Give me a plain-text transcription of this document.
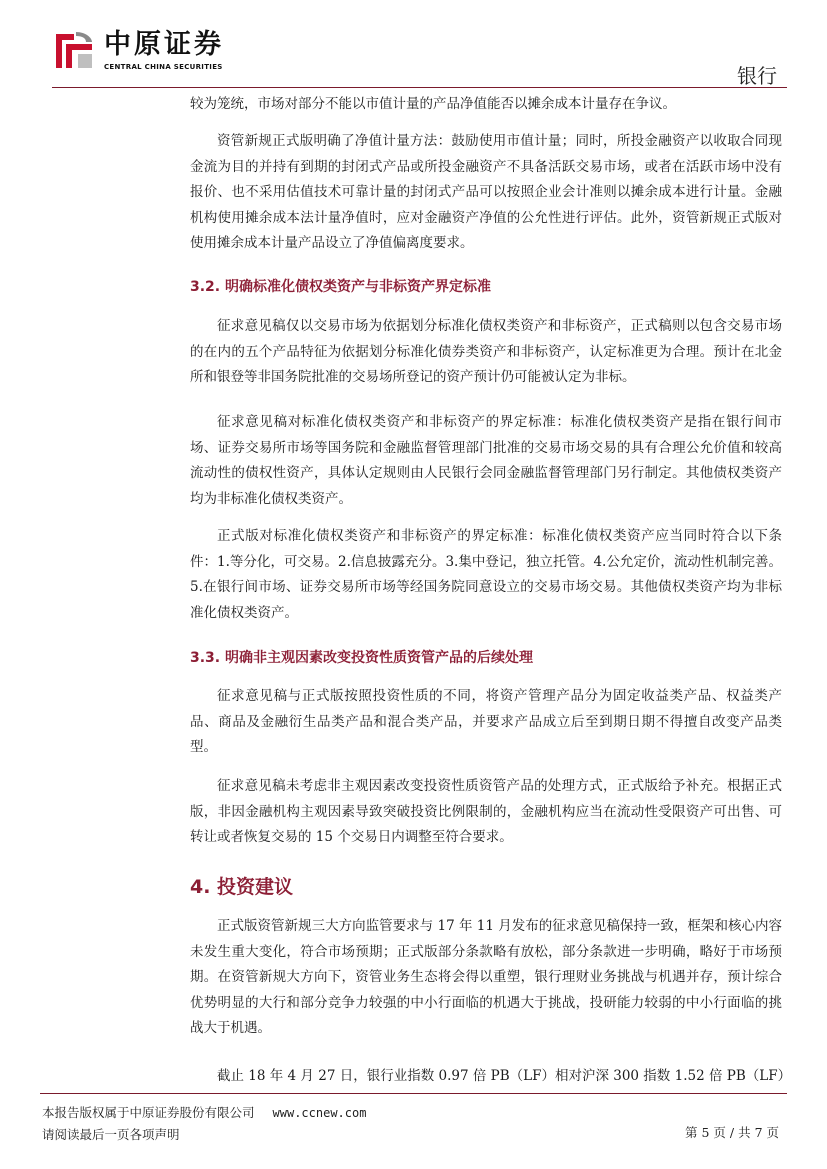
中原证券
CENTRAL CHINA SECURITIES	银行

较为笼统，市场对部分不能以市值计量的产品净值能否以摊余成本计量存在争议。

资管新规正式版明确了净值计量方法：鼓励使用市值计量；同时，所投金融资产以收取合同现金流为目的并持有到期的封闭式产品或所投金融资产不具备活跃交易市场，或者在活跃市场中没有报价、也不采用估值技术可靠计量的封闭式产品可以按照企业会计准则以摊余成本进行计量。金融机构使用摊余成本法计量净值时，应对金融资产净值的公允性进行评估。此外，资管新规正式版对使用摊余成本计量产品设立了净值偏离度要求。

3.2. 明确标准化债权类资产与非标资产界定标准

征求意见稿仅以交易市场为依据划分标准化债权类资产和非标资产，正式稿则以包含交易市场的在内的五个产品特征为依据划分标准化债券类资产和非标资产，认定标准更为合理。预计在北金所和银登等非国务院批准的交易场所登记的资产预计仍可能被认定为非标。

征求意见稿对标准化债权类资产和非标资产的界定标准：标准化债权类资产是指在银行间市场、证券交易所市场等国务院和金融监督管理部门批准的交易市场交易的具有合理公允价值和较高流动性的债权性资产，具体认定规则由人民银行会同金融监督管理部门另行制定。其他债权类资产均为非标准化债权类资产。

正式版对标准化债权类资产和非标资产的界定标准：标准化债权类资产应当同时符合以下条件：1.等分化，可交易。2.信息披露充分。3.集中登记，独立托管。4.公允定价，流动性机制完善。5.在银行间市场、证券交易所市场等经国务院同意设立的交易市场交易。其他债权类资产均为非标准化债权类资产。

3.3. 明确非主观因素改变投资性质资管产品的后续处理

征求意见稿与正式版按照投资性质的不同，将资产管理产品分为固定收益类产品、权益类产品、商品及金融衍生品类产品和混合类产品，并要求产品成立后至到期日期不得擅自改变产品类型。

征求意见稿未考虑非主观因素改变投资性质资管产品的处理方式，正式版给予补充。根据正式版，非因金融机构主观因素导致突破投资比例限制的，金融机构应当在流动性受限资产可出售、可转让或者恢复交易的 15 个交易日内调整至符合要求。

4. 投资建议

正式版资管新规三大方向监管要求与 17 年 11 月发布的征求意见稿保持一致，框架和核心内容未发生重大变化，符合市场预期；正式版部分条款略有放松，部分条款进一步明确，略好于市场预期。在资管新规大方向下，资管业务生态将会得以重塑，银行理财业务挑战与机遇并存，预计综合优势明显的大行和部分竞争力较强的中小行面临的机遇大于挑战，投研能力较弱的中小行面临的挑战大于机遇。

截止 18 年 4 月 27 日，银行业指数 0.97 倍 PB（LF）相对沪深 300 指数 1.52 倍 PB（LF）

本报告版权属于中原证券股份有限公司 www.ccnew.com
请阅读最后一页各项声明	第 5 页 / 共 7 页
